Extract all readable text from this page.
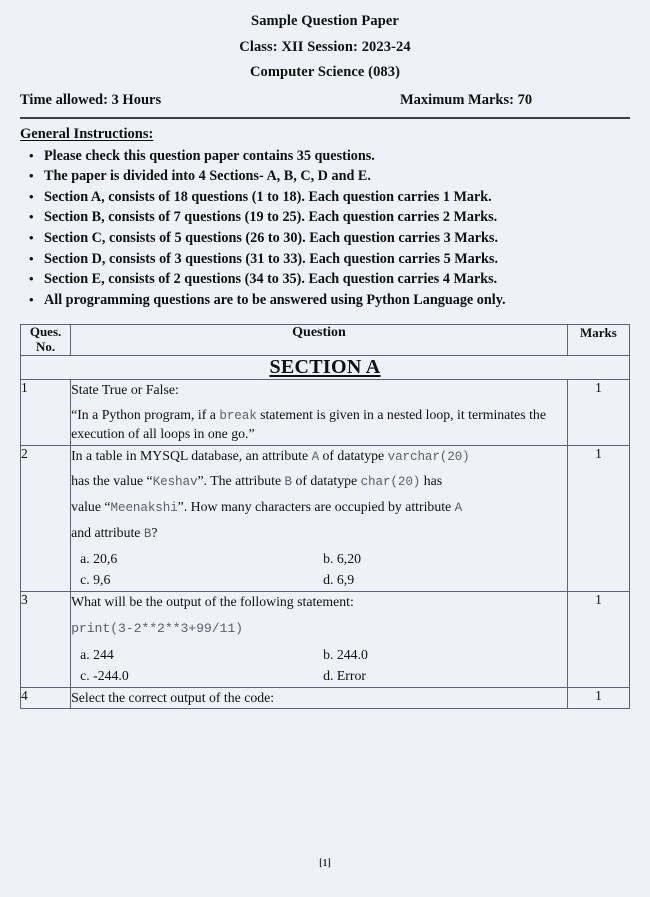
Sample Question Paper
Class: XII Session: 2023-24
Computer Science (083)
Time allowed: 3 Hours	Maximum Marks: 70
General Instructions:
• Please check this question paper contains 35 questions.
• The paper is divided into 4 Sections- A, B, C, D and E.
• Section A, consists of 18 questions (1 to 18). Each question carries 1 Mark.
• Section B, consists of 7 questions (19 to 25). Each question carries 2 Marks.
• Section C, consists of 5 questions (26 to 30). Each question carries 3 Marks.
• Section D, consists of 3 questions (31 to 33). Each question carries 5 Marks.
• Section E, consists of 2 questions (34 to 35). Each question carries 4 Marks.
• All programming questions are to be answered using Python Language only.
Ques.
No.	Question	Marks
SECTION A		
1	State True or False:
“In a Python program, if a break statement is given in a nested loop, it terminates the execution of all loops in one go.”	1
2	In a table in MYSQL database, an attribute A of datatype varchar(20)
has the value “Keshav”. The attribute B of datatype char(20) has
value “Meenakshi”. How many characters are occupied by attribute A
and attribute B?
a. 20,6	b. 6,20
c. 9,6	d. 6,9
	1
3	What will be the output of the following statement:
print(3-2**2**3+99/11)
a. 244	b. 244.0
c. -244.0	d. Error
	1
4	Select the correct output of the code:	1
[1]
